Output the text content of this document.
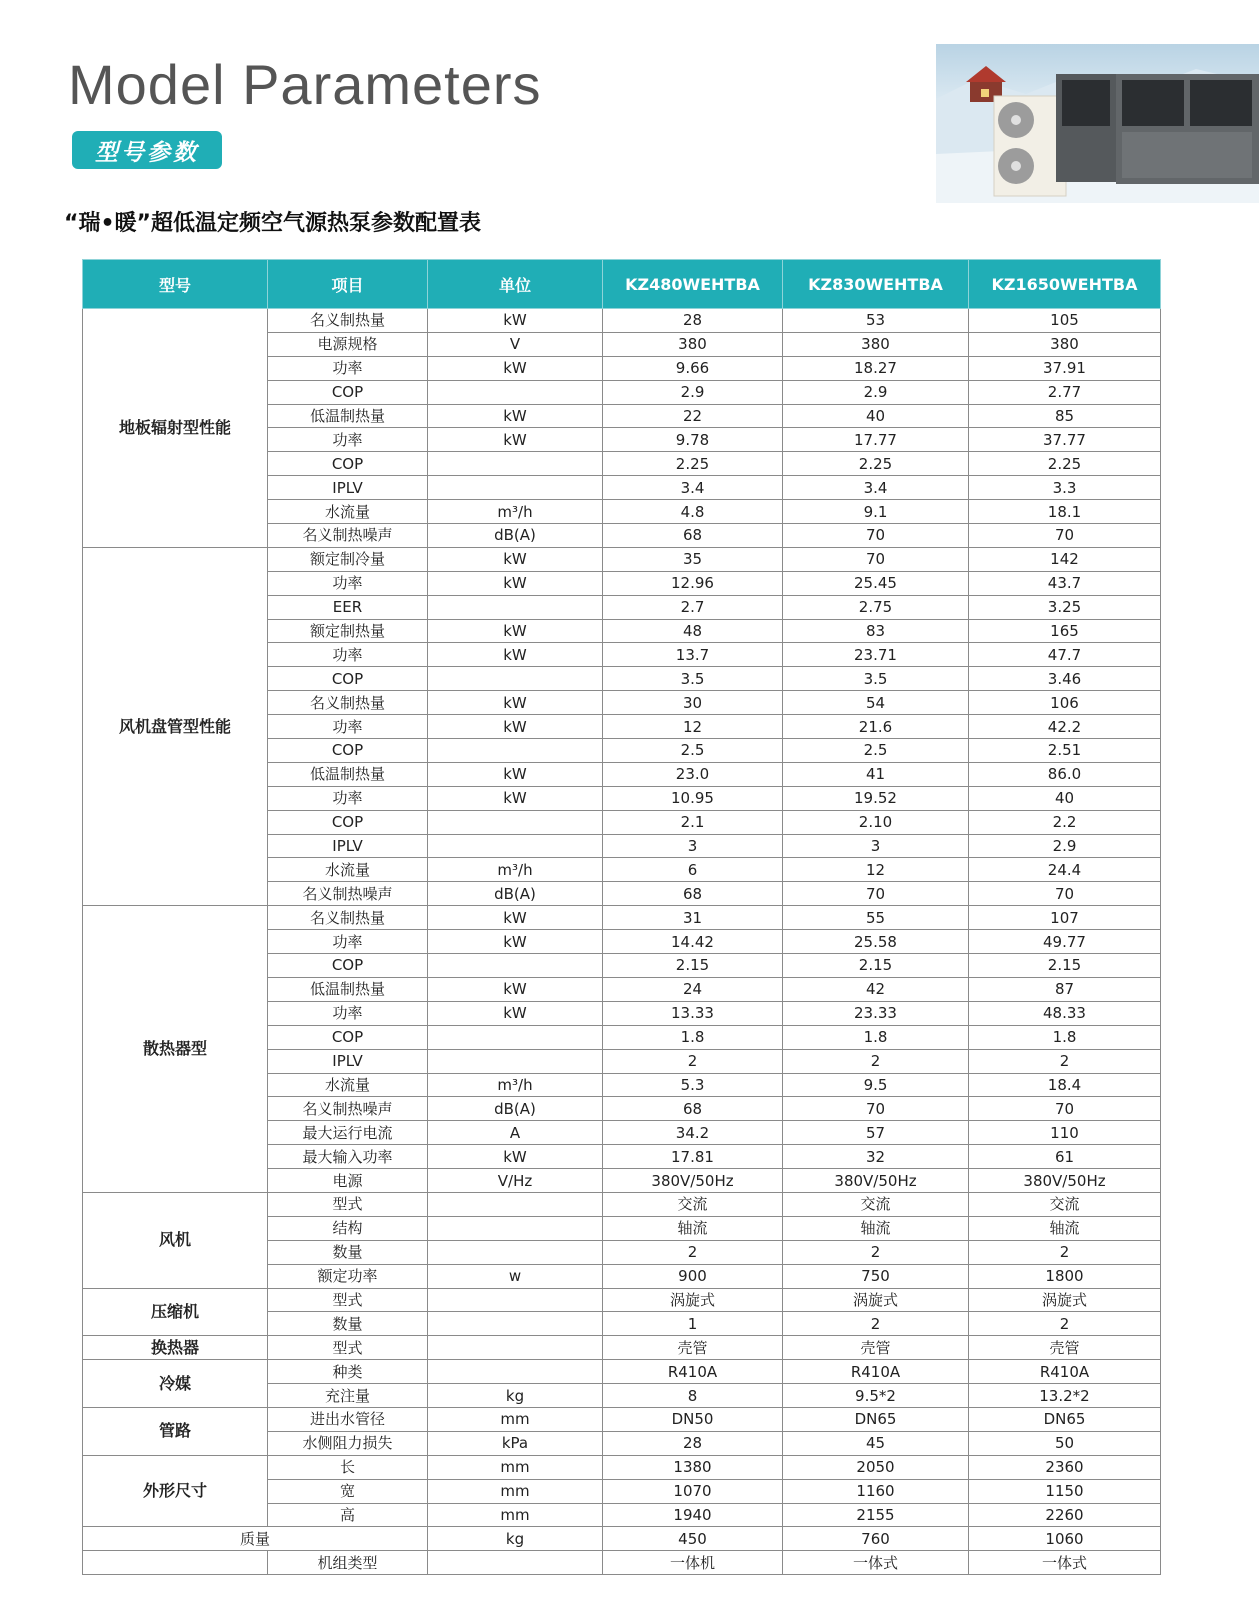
Model Parameters
型号参数
“瑞•暖”超低温定频空气源热泵参数配置表
型号	项目	单位	KZ480WEHTBA	KZ830WEHTBA	KZ1650WEHTBA
地板辐射型性能	名义制热量	kW	28	53	105
	电源规格	V	380	380	380
	功率	kW	9.66	18.27	37.91
	COP		2.9	2.9	2.77
	低温制热量	kW	22	40	85
	功率	kW	9.78	17.77	37.77
	COP		2.25	2.25	2.25
	IPLV		3.4	3.4	3.3
	水流量	m³/h	4.8	9.1	18.1
	名义制热噪声	dB(A)	68	70	70
风机盘管型性能	额定制冷量	kW	35	70	142
	功率	kW	12.96	25.45	43.7
	EER		2.7	2.75	3.25
	额定制热量	kW	48	83	165
	功率	kW	13.7	23.71	47.7
	COP		3.5	3.5	3.46
	名义制热量	kW	30	54	106
	功率	kW	12	21.6	42.2
	COP		2.5	2.5	2.51
	低温制热量	kW	23.0	41	86.0
	功率	kW	10.95	19.52	40
	COP		2.1	2.10	2.2
	IPLV		3	3	2.9
	水流量	m³/h	6	12	24.4
	名义制热噪声	dB(A)	68	70	70
散热器型	名义制热量	kW	31	55	107
	功率	kW	14.42	25.58	49.77
	COP		2.15	2.15	2.15
	低温制热量	kW	24	42	87
	功率	kW	13.33	23.33	48.33
	COP		1.8	1.8	1.8
	IPLV		2	2	2
	水流量	m³/h	5.3	9.5	18.4
	名义制热噪声	dB(A)	68	70	70
	最大运行电流	A	34.2	57	110
	最大输入功率	kW	17.81	32	61
	电源	V/Hz	380V/50Hz	380V/50Hz	380V/50Hz
风机	型式		交流	交流	交流
	结构		轴流	轴流	轴流
	数量		2	2	2
	额定功率	w	900	750	1800
压缩机	型式		涡旋式	涡旋式	涡旋式
	数量		1	2	2
换热器	型式		壳管	壳管	壳管
冷媒	种类		R410A	R410A	R410A
	充注量	kg	8	9.5*2	13.2*2
管路	进出水管径	mm	DN50	DN65	DN65
	水侧阻力损失	kPa	28	45	50
外形尺寸	长	mm	1380	2050	2360
	宽	mm	1070	1160	1150
	高	mm	1940	2155	2260
质量		kg	450	760	1060
	机组类型		一体机	一体式	一体式
